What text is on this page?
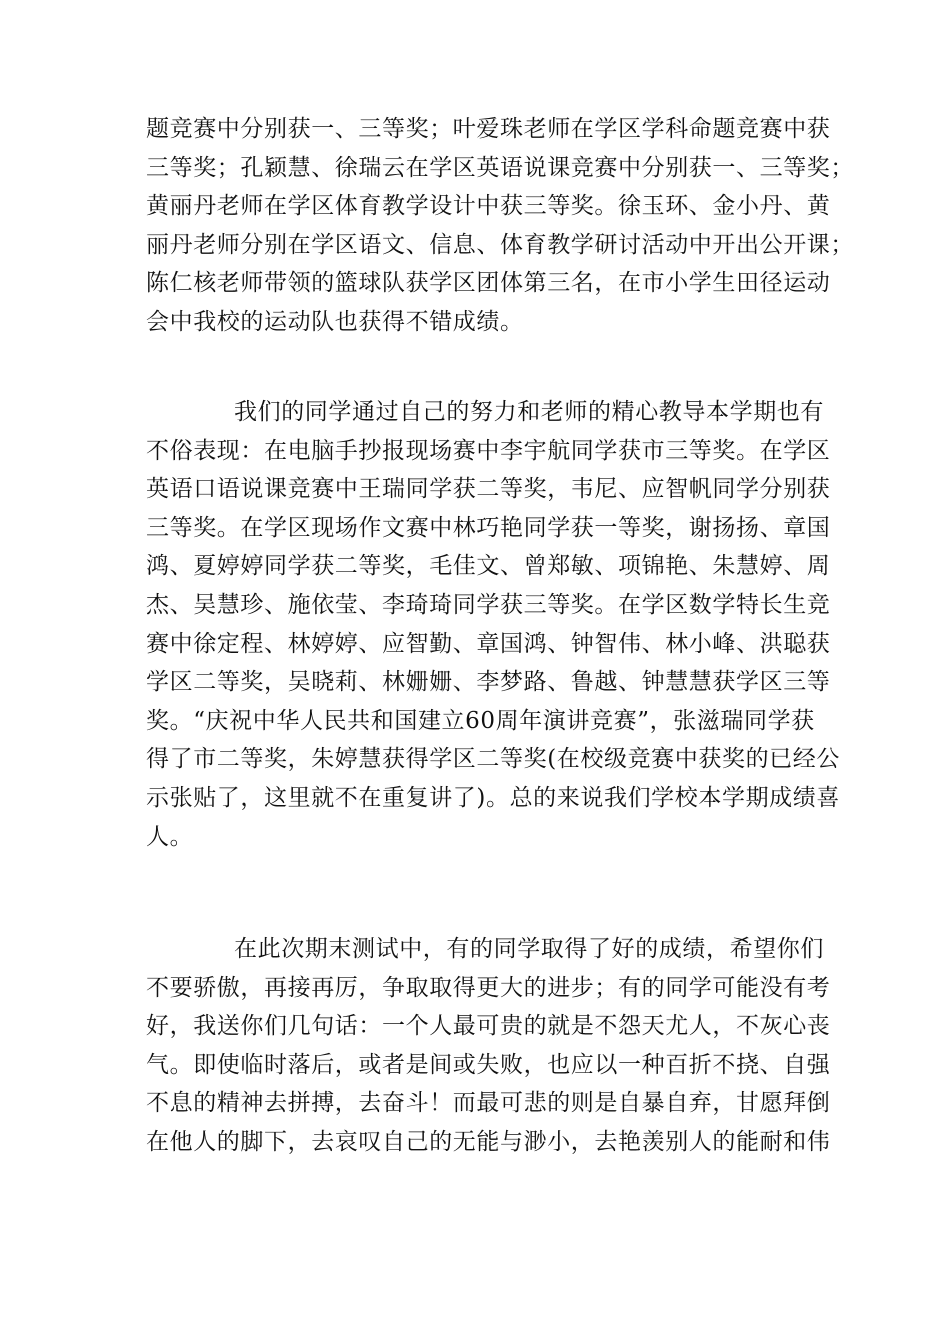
题竞赛中分别获一、三等奖；叶爱珠老师在学区学科命题竞赛中获
三等奖；孔颖慧、徐瑞云在学区英语说课竞赛中分别获一、三等奖；
黄丽丹老师在学区体育教学设计中获三等奖。徐玉环、金小丹、黄
丽丹老师分别在学区语文、信息、体育教学研讨活动中开出公开课；
陈仁核老师带领的篮球队获学区团体第三名，在市小学生田径运动
会中我校的运动队也获得不错成绩。
我们的同学通过自己的努力和老师的精心教导本学期也有
不俗表现：在电脑手抄报现场赛中李宇航同学获市三等奖。在学区
英语口语说课竞赛中王瑞同学获二等奖，韦尼、应智帆同学分别获
三等奖。在学区现场作文赛中林巧艳同学获一等奖，谢扬扬、章国
鸿、夏婷婷同学获二等奖，毛佳文、曾郑敏、项锦艳、朱慧婷、周
杰、吴慧珍、施依莹、李琦琦同学获三等奖。在学区数学特长生竞
赛中徐定程、林婷婷、应智勤、章国鸿、钟智伟、林小峰、洪聪获
学区二等奖，吴晓莉、林姗姗、李梦路、鲁越、钟慧慧获学区三等
奖。“庆祝中华人民共和国建立60周年演讲竞赛”，张滋瑞同学获
得了市二等奖，朱婷慧获得学区二等奖(在校级竞赛中获奖的已经公
示张贴了，这里就不在重复讲了)。总的来说我们学校本学期成绩喜
人。
在此次期末测试中，有的同学取得了好的成绩，希望你们
不要骄傲，再接再厉，争取取得更大的进步；有的同学可能没有考
好，我送你们几句话：一个人最可贵的就是不怨天尤人，不灰心丧
气。即使临时落后，或者是间或失败，也应以一种百折不挠、自强
不息的精神去拼搏，去奋斗！而最可悲的则是自暴自弃，甘愿拜倒
在他人的脚下，去哀叹自己的无能与渺小，去艳羡别人的能耐和伟
